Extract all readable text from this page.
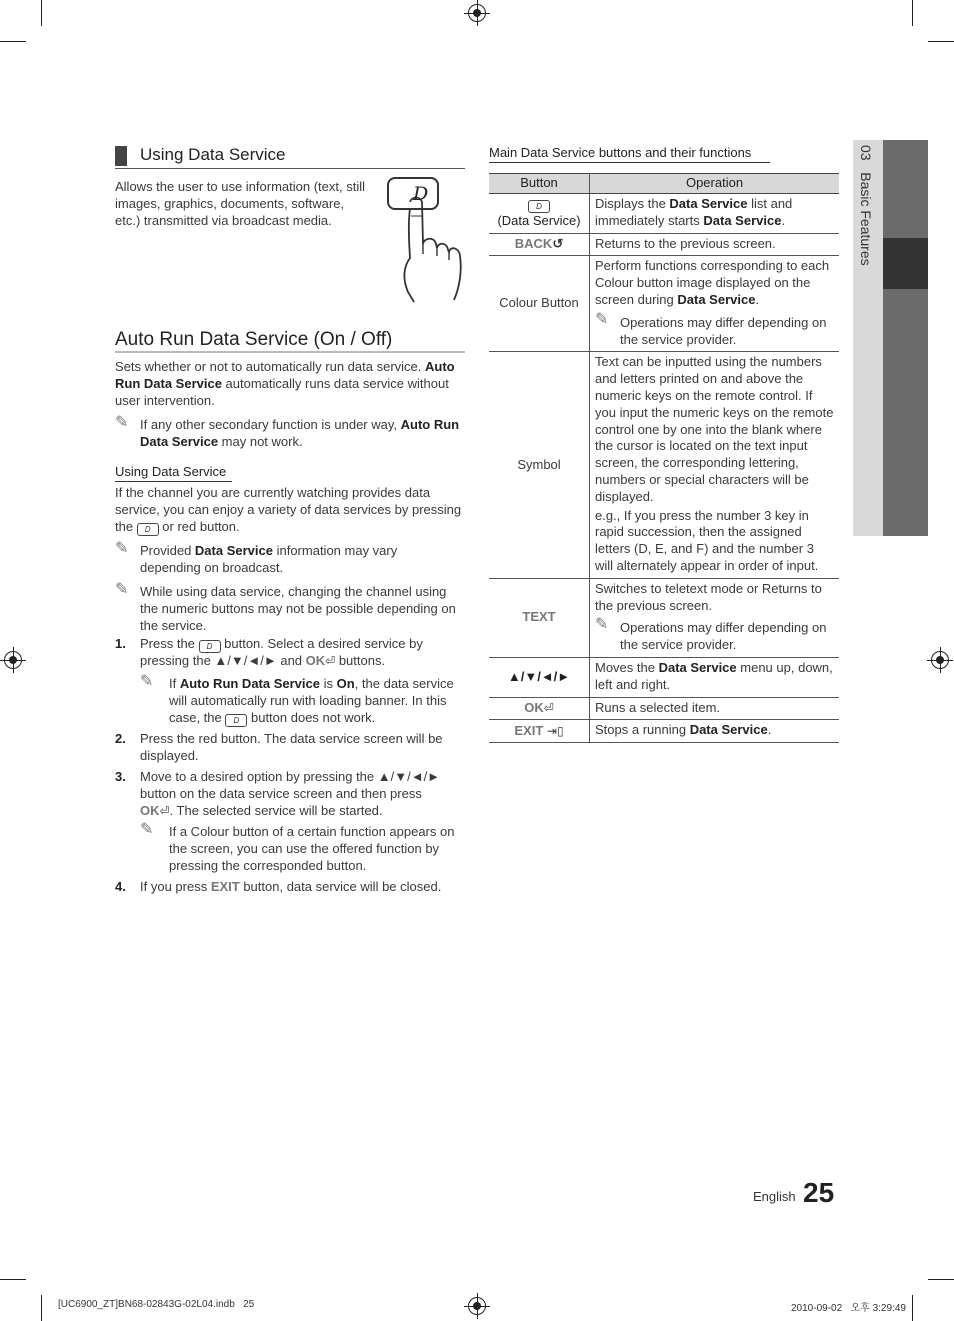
03   Basic Features
Using Data Service
Allows the user to use information (text, still images, graphics, documents, software, etc.) transmitted via broadcast media.
D
Auto Run Data Service (On / Off)
Sets whether or not to automatically run data service. Auto Run Data Service automatically runs data service without user intervention.
✎ If any other secondary function is under way, Auto Run Data Service may not work.
Using Data Service
If the channel you are currently watching provides data service, you can enjoy a variety of data services by pressing the D or red button.
✎ Provided Data Service information may vary depending on broadcast.
✎ While using data service, changing the channel using the numeric buttons may not be possible depending on the service.
1. Press the D button. Select a desired service by pressing the ▲/▼/◄/► and OK⏎ buttons.
✎ If Auto Run Data Service is On, the data service will automatically run with loading banner. In this case, the D button does not work.
2. Press the red button. The data service screen will be displayed.
3. Move to a desired option by pressing the ▲/▼/◄/► button on the data service screen and then press OK⏎. The selected service will be started.
✎ If a Colour button of a certain function appears on the screen, you can use the offered function by pressing the corresponded button.
4. If you press EXIT button, data service will be closed.
Main Data Service buttons and their functions
Button	Operation
D
(Data Service)	Displays the Data Service list and immediately starts Data Service.
BACK↺	Returns to the previous screen.
Colour Button	Perform functions corresponding to each Colour button image displayed on the screen during Data Service.
✎ Operations may differ depending on the service provider.

Symbol	Text can be inputted using the numbers and letters printed on and above the numeric keys on the remote control. If you input the numeric keys on the remote control one by one into the blank where the cursor is located on the text input screen, the corresponding lettering, numbers or special characters will be displayed.
e.g., If you press the number 3 key in rapid succession, then the assigned letters (D, E, and F) and the number 3 will alternately appear in order of input.

TEXT	Switches to teletext mode or Returns to the previous screen.
✎ Operations may differ depending on the service provider.

▲/▼/◄/►	Moves the Data Service menu up, down, left and right.
OK⏎	Runs a selected item.
EXIT ⇥▯	Stops a running Data Service.
English 25
[UC6900_ZT]BN68-02843G-02L04.indb   25	2010-09-02   오후 3:29:49
